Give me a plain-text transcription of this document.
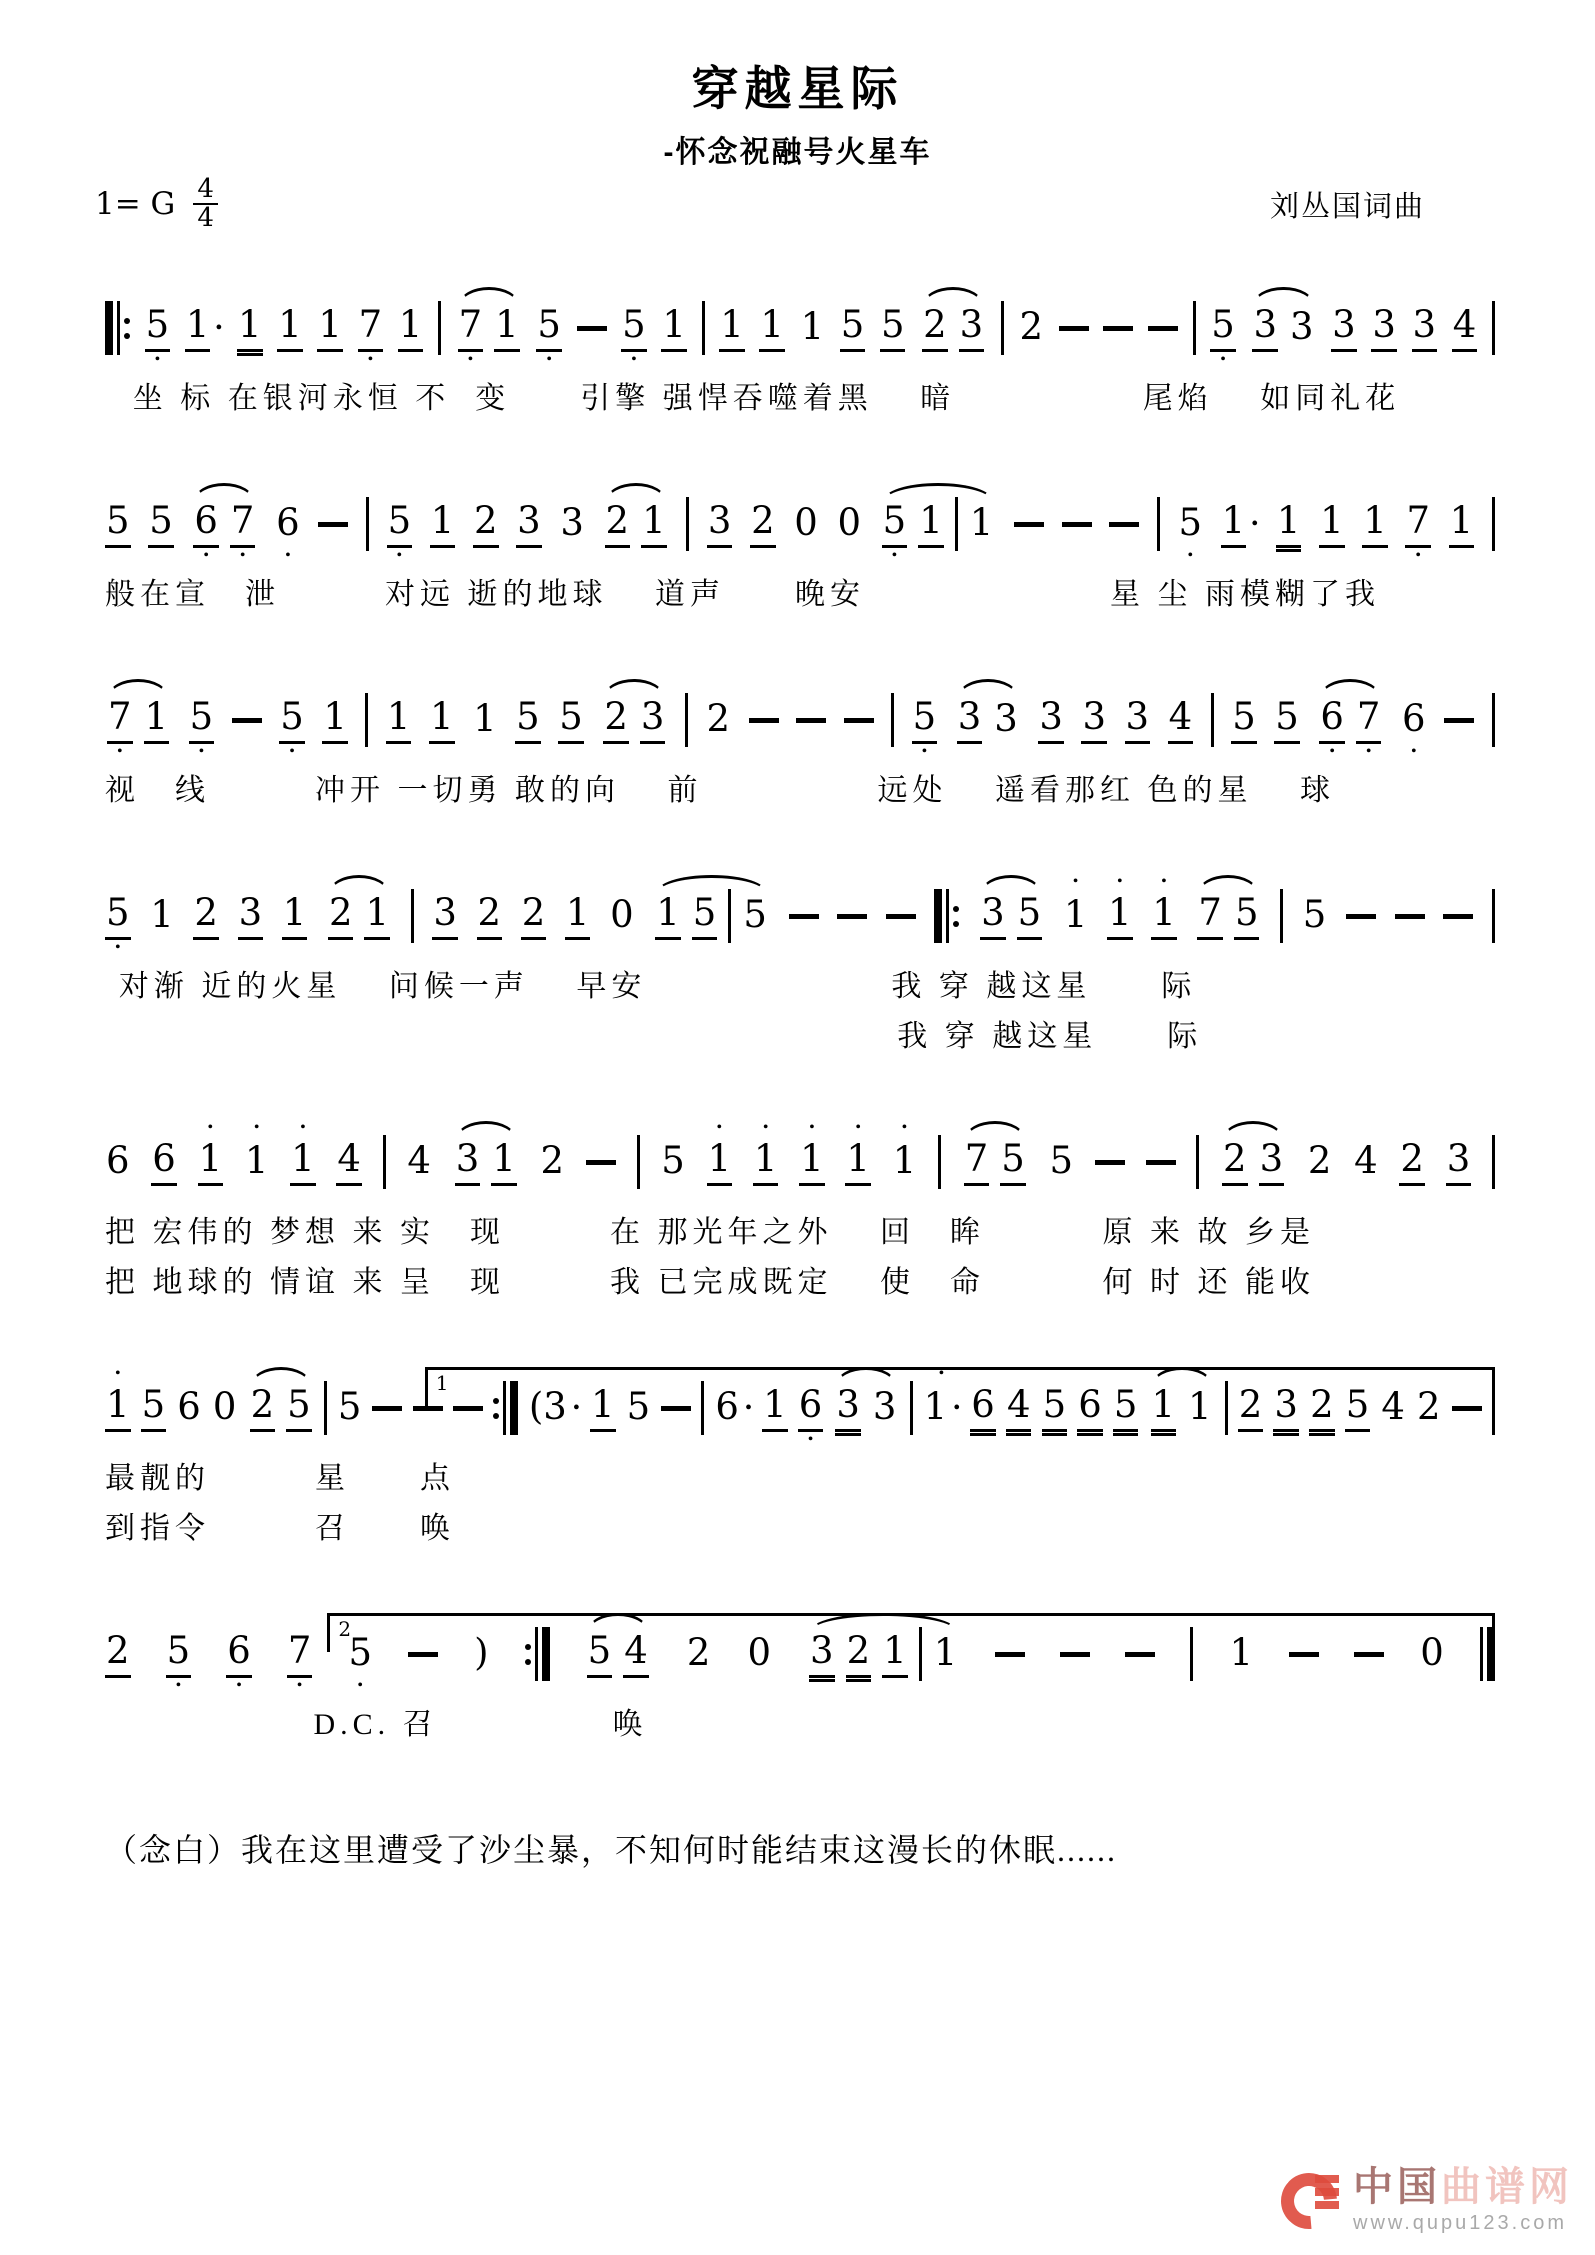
穿越星际
-怀念祝融号火星车
1= G $\frac{4}{4}$	刘丛国词曲
5
•
1 • 1 1 1 7
•
1 7
•
1 5
•
5
•
1 1 1 1 5 5 2 3 2	5
•
3 3 3 3 3 4
坐 标 在银河永恒 不  变　　引擎 强悍吞噬着黑　 暗　　　　　 尾焰　 如同礼花
5 5 6
•
7
•
6
•
5
•
1 2 3 3 2 1 3 2 0 0 5
•
1 1	5
•
1 • 1 1 1 7
•
1
般在宣　泄　　　对远 逝的地球　 道声　　晚安　　　　　　　星 尘 雨模糊了我
7
•
1 5
•
5
•
1 1 1 1 5 5 2 3 2	5
•
3 3 3 3 3 4 5 5 6
•
7
•
6
•
视　线　　　冲开 一切勇 敢的向　 前　　　　　远处　 遥看那红 色的星　 球
5
•
1 2 3 1 2 1 3 2 2 1 0 1 5 5	3 5
•
1
•
1
•
1 7 5 5
对渐 近的火星　 问候一声　 早安　　　　　　　我 穿 越这星　　际
我 穿 越这星　　际
6 6
•
1
•
1
•
1 4 4 3 1 2	5
•
1
•
1
•
1
•
1
•
1 7 5 5	2 3 2 4 2 3
把 宏伟的 梦想 来 实　现　　　在 那光年之外　 回　眸　　　 原 来 故 乡是
把 地球的 情谊 来 呈　现　　　我 已完成既定　 使　命　　　 何 时 还 能收
1
•
1 5 6 0 2 5 5	(3 • 1 5 6 • 1 6
•
3 3
•
1 • 6 4 5 6 5 1 1 2 3 2 5 4 2
最靓的　　　星　　点
到指令　　　召　　唤
2
2 5
•
6
•
7
•
5
•
)	5 4 2 0 3 2 1 1	1	0
D.C. 召　　　　　唤

（念白）我在这里遭受了沙尘暴，不知何时能结束这漫长的休眠......

中国曲谱网
www.qupu123.com
